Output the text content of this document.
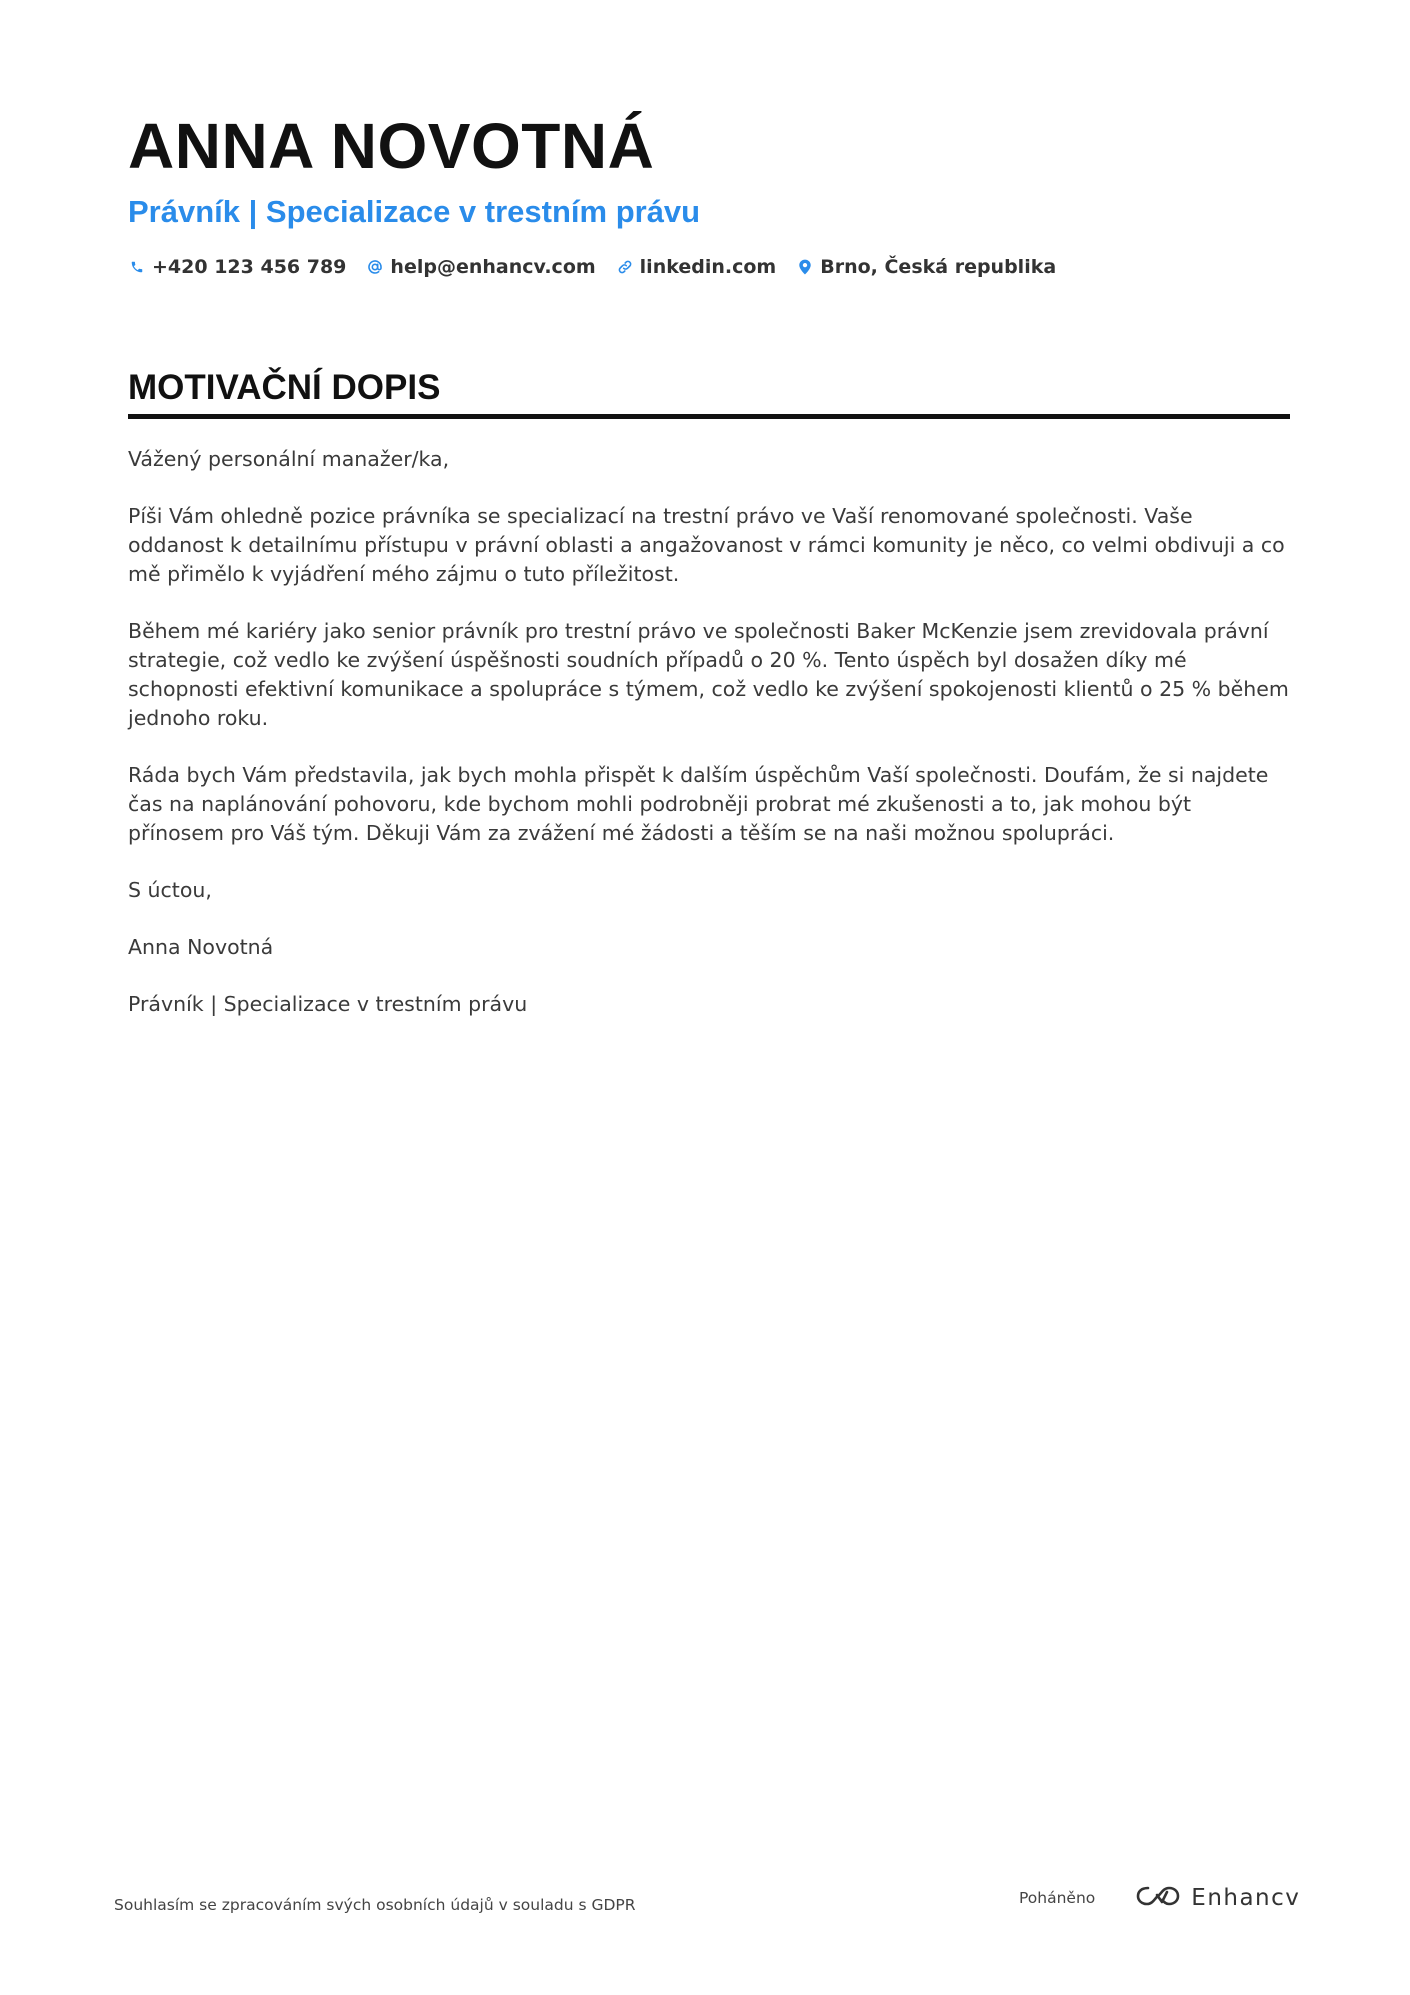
ANNA NOVOTNÁ
Právník | Specializace v trestním právu
+420 123 456 789 help@enhancv.com linkedin.com Brno, Česká republika
MOTIVAČNÍ DOPIS

Vážený personální manažer/ka,

Píši Vám ohledně pozice právníka se specializací na trestní právo ve Vaší renomované společnosti. Vaše oddanost k detailnímu přístupu v právní oblasti a angažovanost v rámci komunity je něco, co velmi obdivuji a co mě přimělo k vyjádření mého zájmu o tuto příležitost.

Během mé kariéry jako senior právník pro trestní právo ve společnosti Baker McKenzie jsem zrevidovala právní strategie, což vedlo ke zvýšení úspěšnosti soudních případů o 20 %. Tento úspěch byl dosažen díky mé schopnosti efektivní komunikace a spolupráce s týmem, což vedlo ke zvýšení spokojenosti klientů o 25 % během jednoho roku.

Ráda bych Vám představila, jak bych mohla přispět k dalším úspěchům Vaší společnosti. Doufám, že si najdete čas na naplánování pohovoru, kde bychom mohli podrobněji probrat mé zkušenosti a to, jak mohou být přínosem pro Váš tým. Děkuji Vám za zvážení mé žádosti a těším se na naši možnou spolupráci.

S úctou,

Anna Novotná

Právník | Specializace v trestním právu

Souhlasím se zpracováním svých osobních údajů v souladu s GDPR	Poháněno	Enhancv
